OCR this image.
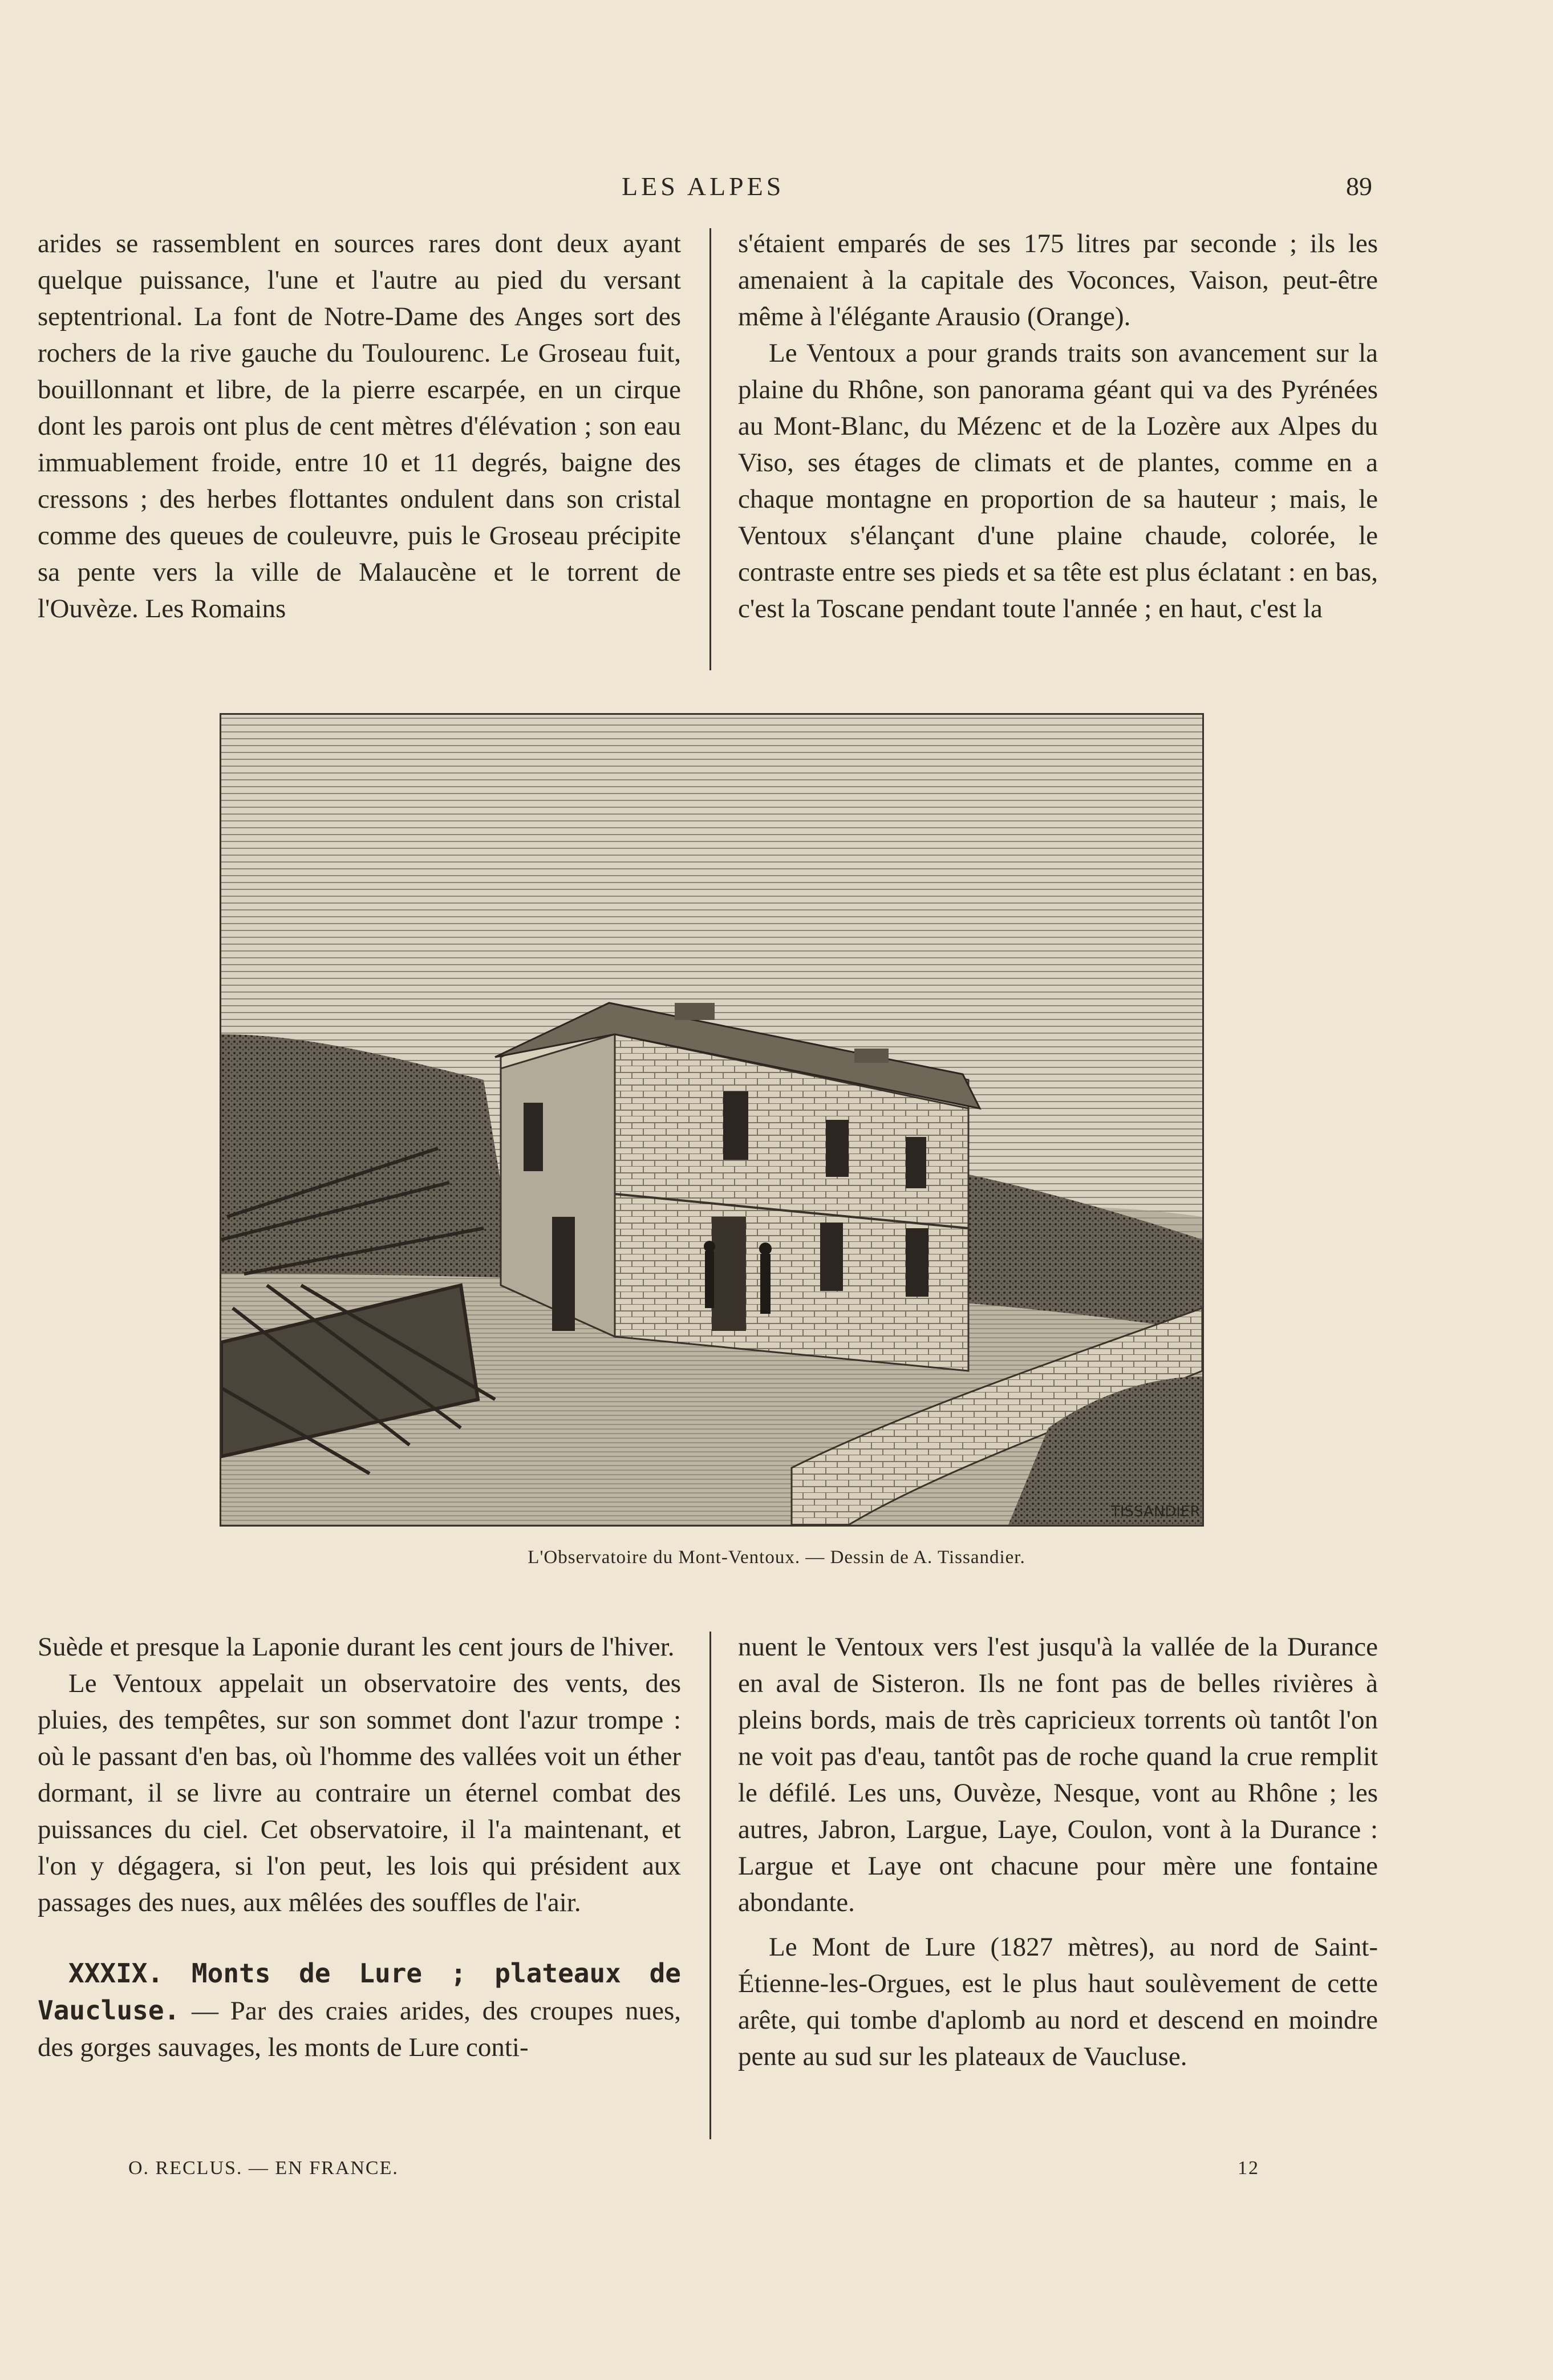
LES ALPES	89

arides se rassemblent en sources rares dont deux ayant quelque puissance, l'une et l'autre au pied du versant septentrional. La font de Notre-Dame des Anges sort des rochers de la rive gauche du Toulourenc. Le Groseau fuit, bouillonnant et libre, de la pierre escarpée, en un cirque dont les parois ont plus de cent mètres d'élévation ; son eau immuablement froide, entre 10 et 11 degrés, baigne des cressons ; des herbes flottantes ondulent dans son cristal comme des queues de couleuvre, puis le Groseau précipite sa pente vers la ville de Malaucène et le torrent de l'Ouvèze. Les Romains

s'étaient emparés de ses 175 litres par seconde ; ils les amenaient à la capitale des Voconces, Vaison, peut-être même à l'élégante Arausio (Orange).

Le Ventoux a pour grands traits son avancement sur la plaine du Rhône, son panorama géant qui va des Pyrénées au Mont-Blanc, du Mézenc et de la Lozère aux Alpes du Viso, ses étages de climats et de plantes, comme en a chaque montagne en proportion de sa hauteur ; mais, le Ventoux s'élançant d'une plaine chaude, colorée, le contraste entre ses pieds et sa tête est plus éclatant : en bas, c'est la Toscane pendant toute l'année ; en haut, c'est la

TISSANDIER
L'Observatoire du Mont-Ventoux. — Dessin de A. Tissandier.

Suède et presque la Laponie durant les cent jours de l'hiver.

Le Ventoux appelait un observatoire des vents, des pluies, des tempêtes, sur son sommet dont l'azur trompe : où le passant d'en bas, où l'homme des vallées voit un éther dormant, il se livre au contraire un éternel combat des puissances du ciel. Cet observatoire, il l'a maintenant, et l'on y dégagera, si l'on peut, les lois qui président aux passages des nues, aux mêlées des souffles de l'air.

XXXIX. Monts de Lure ; plateaux de Vaucluse. — Par des craies arides, des croupes nues, des gorges sauvages, les monts de Lure conti-

nuent le Ventoux vers l'est jusqu'à la vallée de la Durance en aval de Sisteron. Ils ne font pas de belles rivières à pleins bords, mais de très capricieux torrents où tantôt l'on ne voit pas d'eau, tantôt pas de roche quand la crue remplit le défilé. Les uns, Ouvèze, Nesque, vont au Rhône ; les autres, Jabron, Largue, Laye, Coulon, vont à la Durance : Largue et Laye ont chacune pour mère une fontaine abondante.

Le Mont de Lure (1827 mètres), au nord de Saint-Étienne-les-Orgues, est le plus haut soulèvement de cette arête, qui tombe d'aplomb au nord et descend en moindre pente au sud sur les plateaux de Vaucluse.

O. RECLUS. — EN FRANCE.	12
